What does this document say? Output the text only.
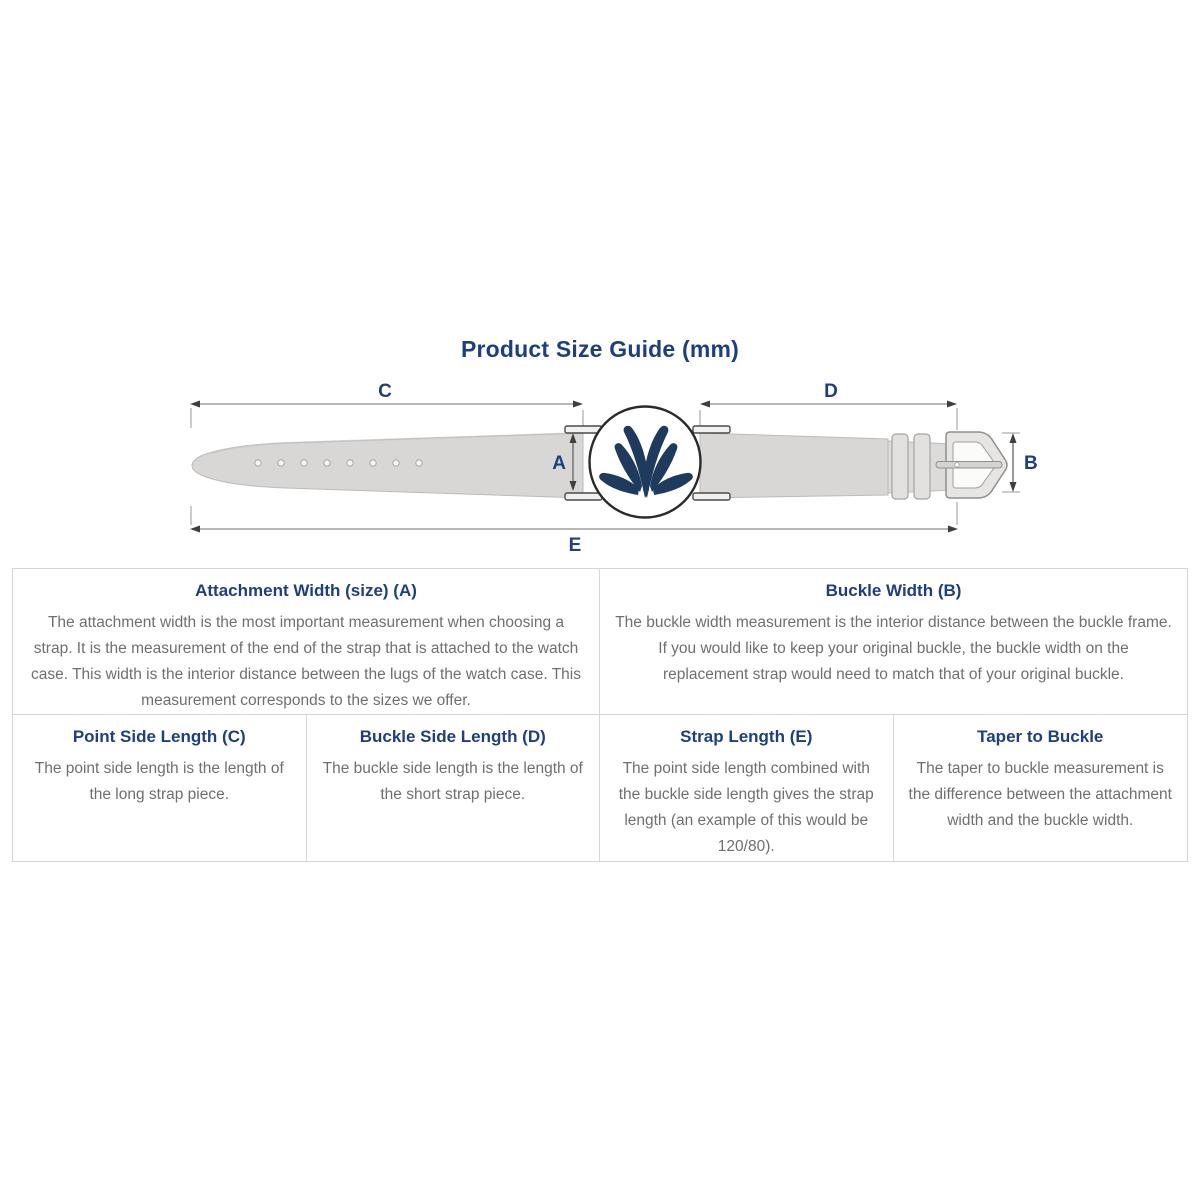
Product Size Guide (mm)
C	D
E
A	B
Attachment Width (size) (A)
The attachment width is the most important measurement when choosing a strap. It is the measurement of the end of the strap that is attached to the watch case. This width is the interior distance between the lugs of the watch case. This measurement corresponds to the sizes we offer.
Buckle Width (B)
The buckle width measurement is the interior distance between the buckle frame. If you would like to keep your original buckle, the buckle width on the replacement strap would need to match that of your original buckle.
Point Side Length (C)
The point side length is the length of the long strap piece.
Buckle Side Length (D)
The buckle side length is the length of the short strap piece.
Strap Length (E)
The point side length combined with the buckle side length gives the strap length (an example of this would be 120/80).
Taper to Buckle
The taper to buckle measurement is the difference between the attachment width and the buckle width.
